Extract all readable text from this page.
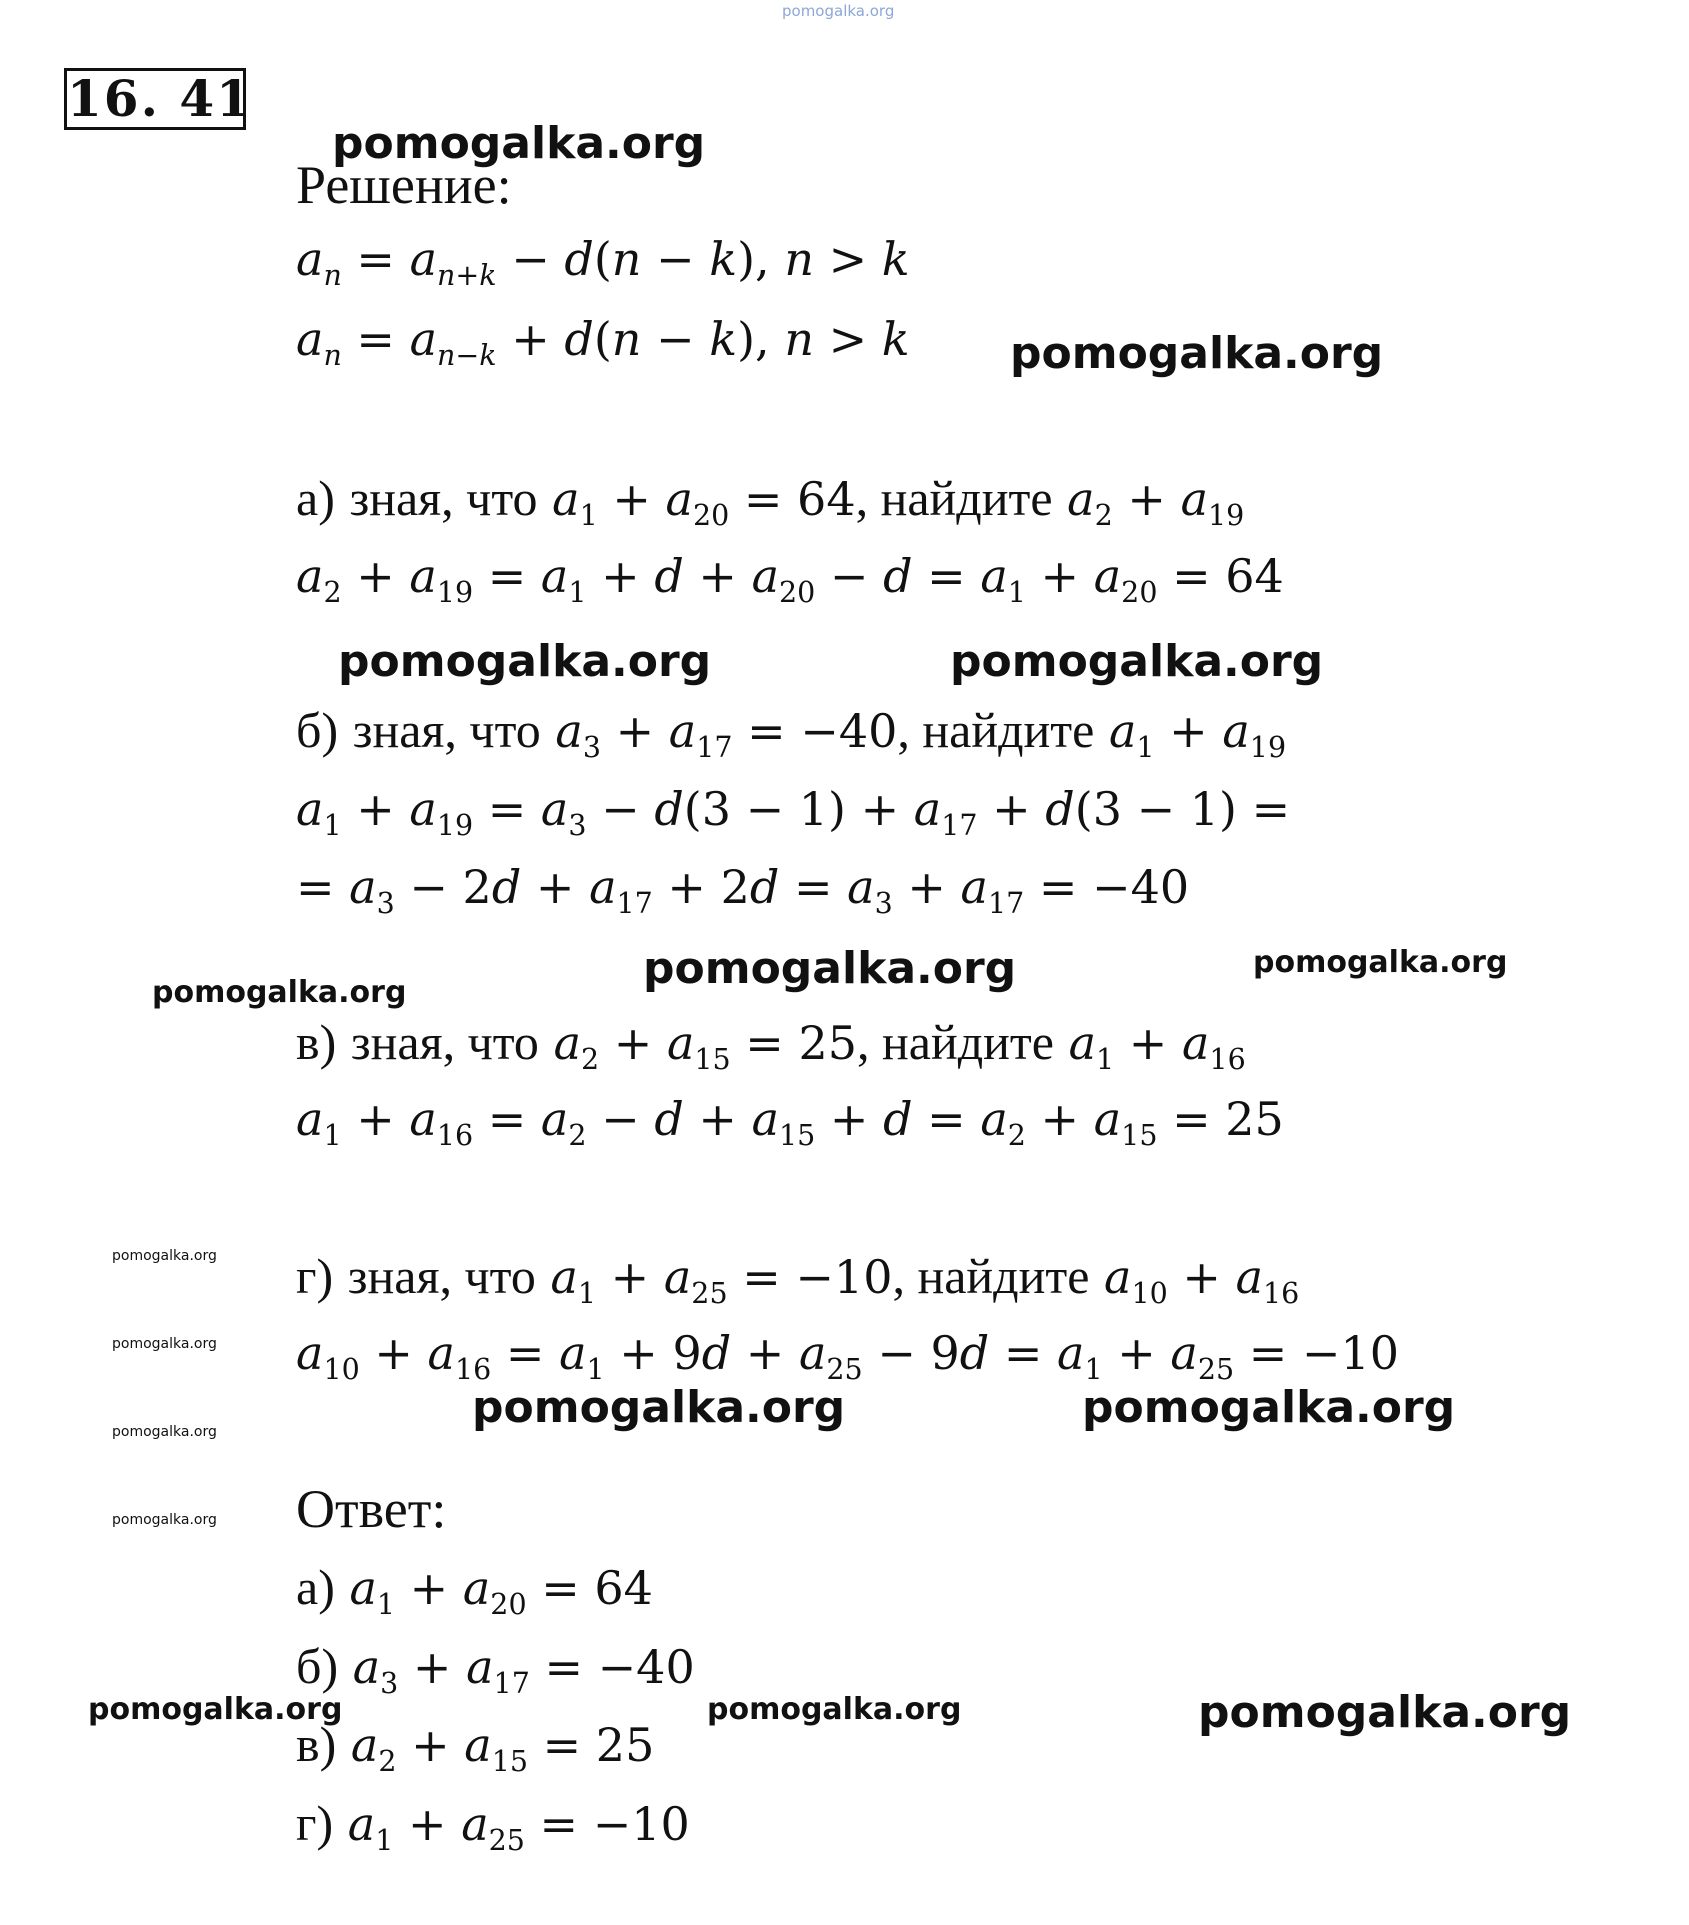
pomogalka.org
16. 41
pomogalka.org
Решение:
$a_n = a_{n+k} - d(n - k)$, n > k
$a_n = a_{n-k} + d(n - k)$, n > k pomogalka.org
а) зная, что $a_1 + a_{20} = 64$, найдите $a_2 + a_{19}$
$a_2 + a_{19} = a_1 + d + a_{20} - d = a_1 + a_{20} = 64$
pomogalka.org	pomogalka.org
б) зная, что $a_3 + a_{17} = -40$, найдите $a_1 + a_{19}$
$a_1 + a_{19} = a_3 - d(3 - 1) + a_{17} + d(3 - 1)$ =
= $a_3 - 2d + a_{17} + 2d = a_3 + a_{17} = -40$
pomogalka.org	pomogalka.org	pomogalka.org
в) зная, что $a_2 + a_{15} = 25$, найдите $a_1 + a_{16}$
$a_1 + a_{16} = a_2 - d + a_{15} + d = a_2 + a_{15} = 25$
pomogalka.org г) зная, что $a_1 + a_{25} = -10$, найдите $a_{10} + a_{16}$
pomogalka.org $a_{10} + a_{16} = a_1 + 9d + a_{25} - 9d = a_1 + a_{25} = -10$
pomogalka.org	pomogalka.org
pomogalka.org
pomogalka.org Ответ:
а) $a_1 + a_{20} = 64$
б) $a_3 + a_{17} = -40$
pomogalka.org	pomogalka.org	pomogalka.org
в) $a_2 + a_{15} = 25$
г) $a_1 + a_{25} = -10$
